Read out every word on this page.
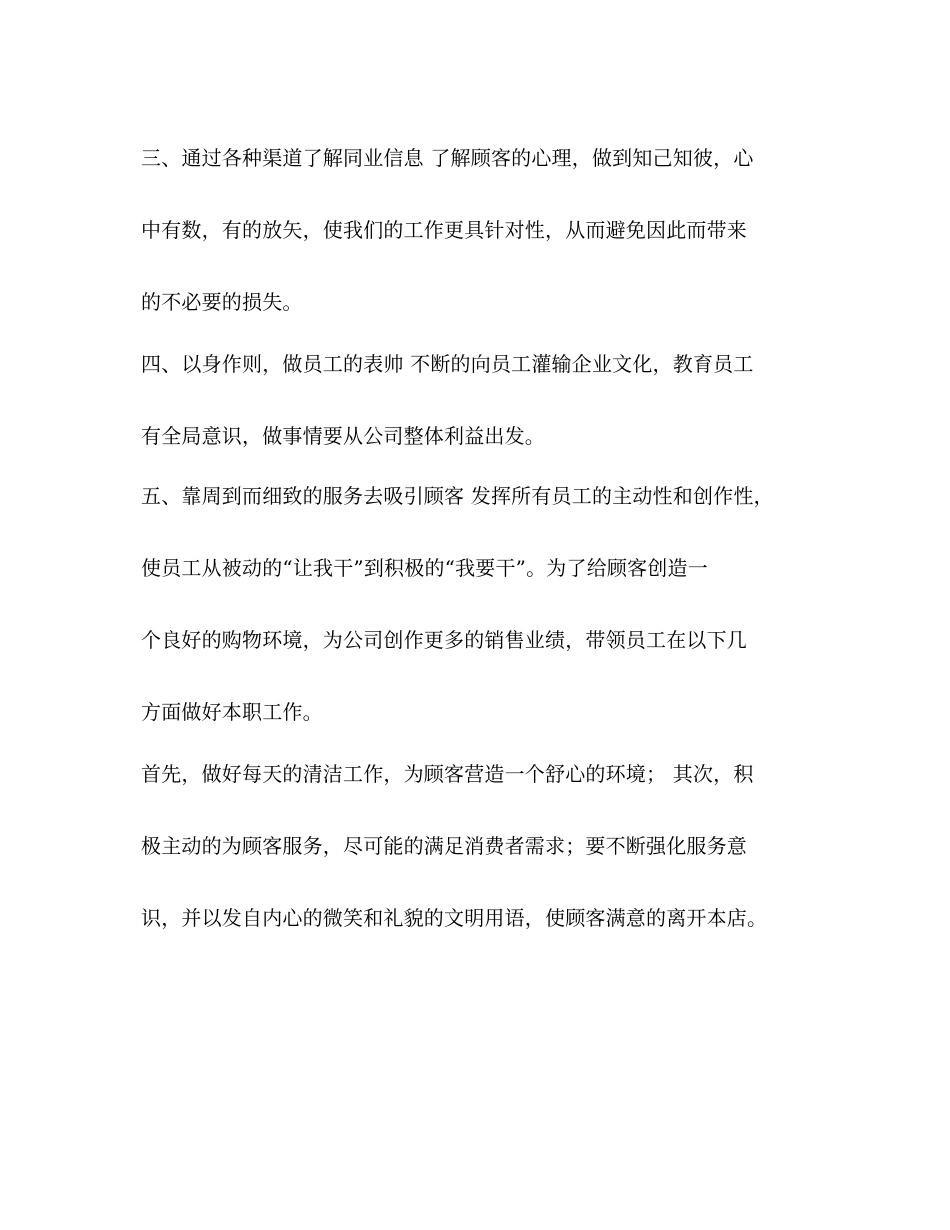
三、通过各种渠道了解同业信息 了解顾客的心理，做到知己知彼，心
中有数，有的放矢，使我们的工作更具针对性，从而避免因此而带来
的不必要的损失。
四、以身作则，做员工的表帅 不断的向员工灌输企业文化，教育员工
有全局意识，做事情要从公司整体利益出发。
五、靠周到而细致的服务去吸引顾客 发挥所有员工的主动性和创作性，
使员工从被动的“让我干”到积极的“我要干”。为了给顾客创造一
个良好的购物环境，为公司创作更多的销售业绩，带领员工在以下几
方面做好本职工作。
首先，做好每天的清洁工作，为顾客营造一个舒心的环境； 其次，积
极主动的为顾客服务，尽可能的满足消费者需求；要不断强化服务意
识，并以发自内心的微笑和礼貌的文明用语，使顾客满意的离开本店。
